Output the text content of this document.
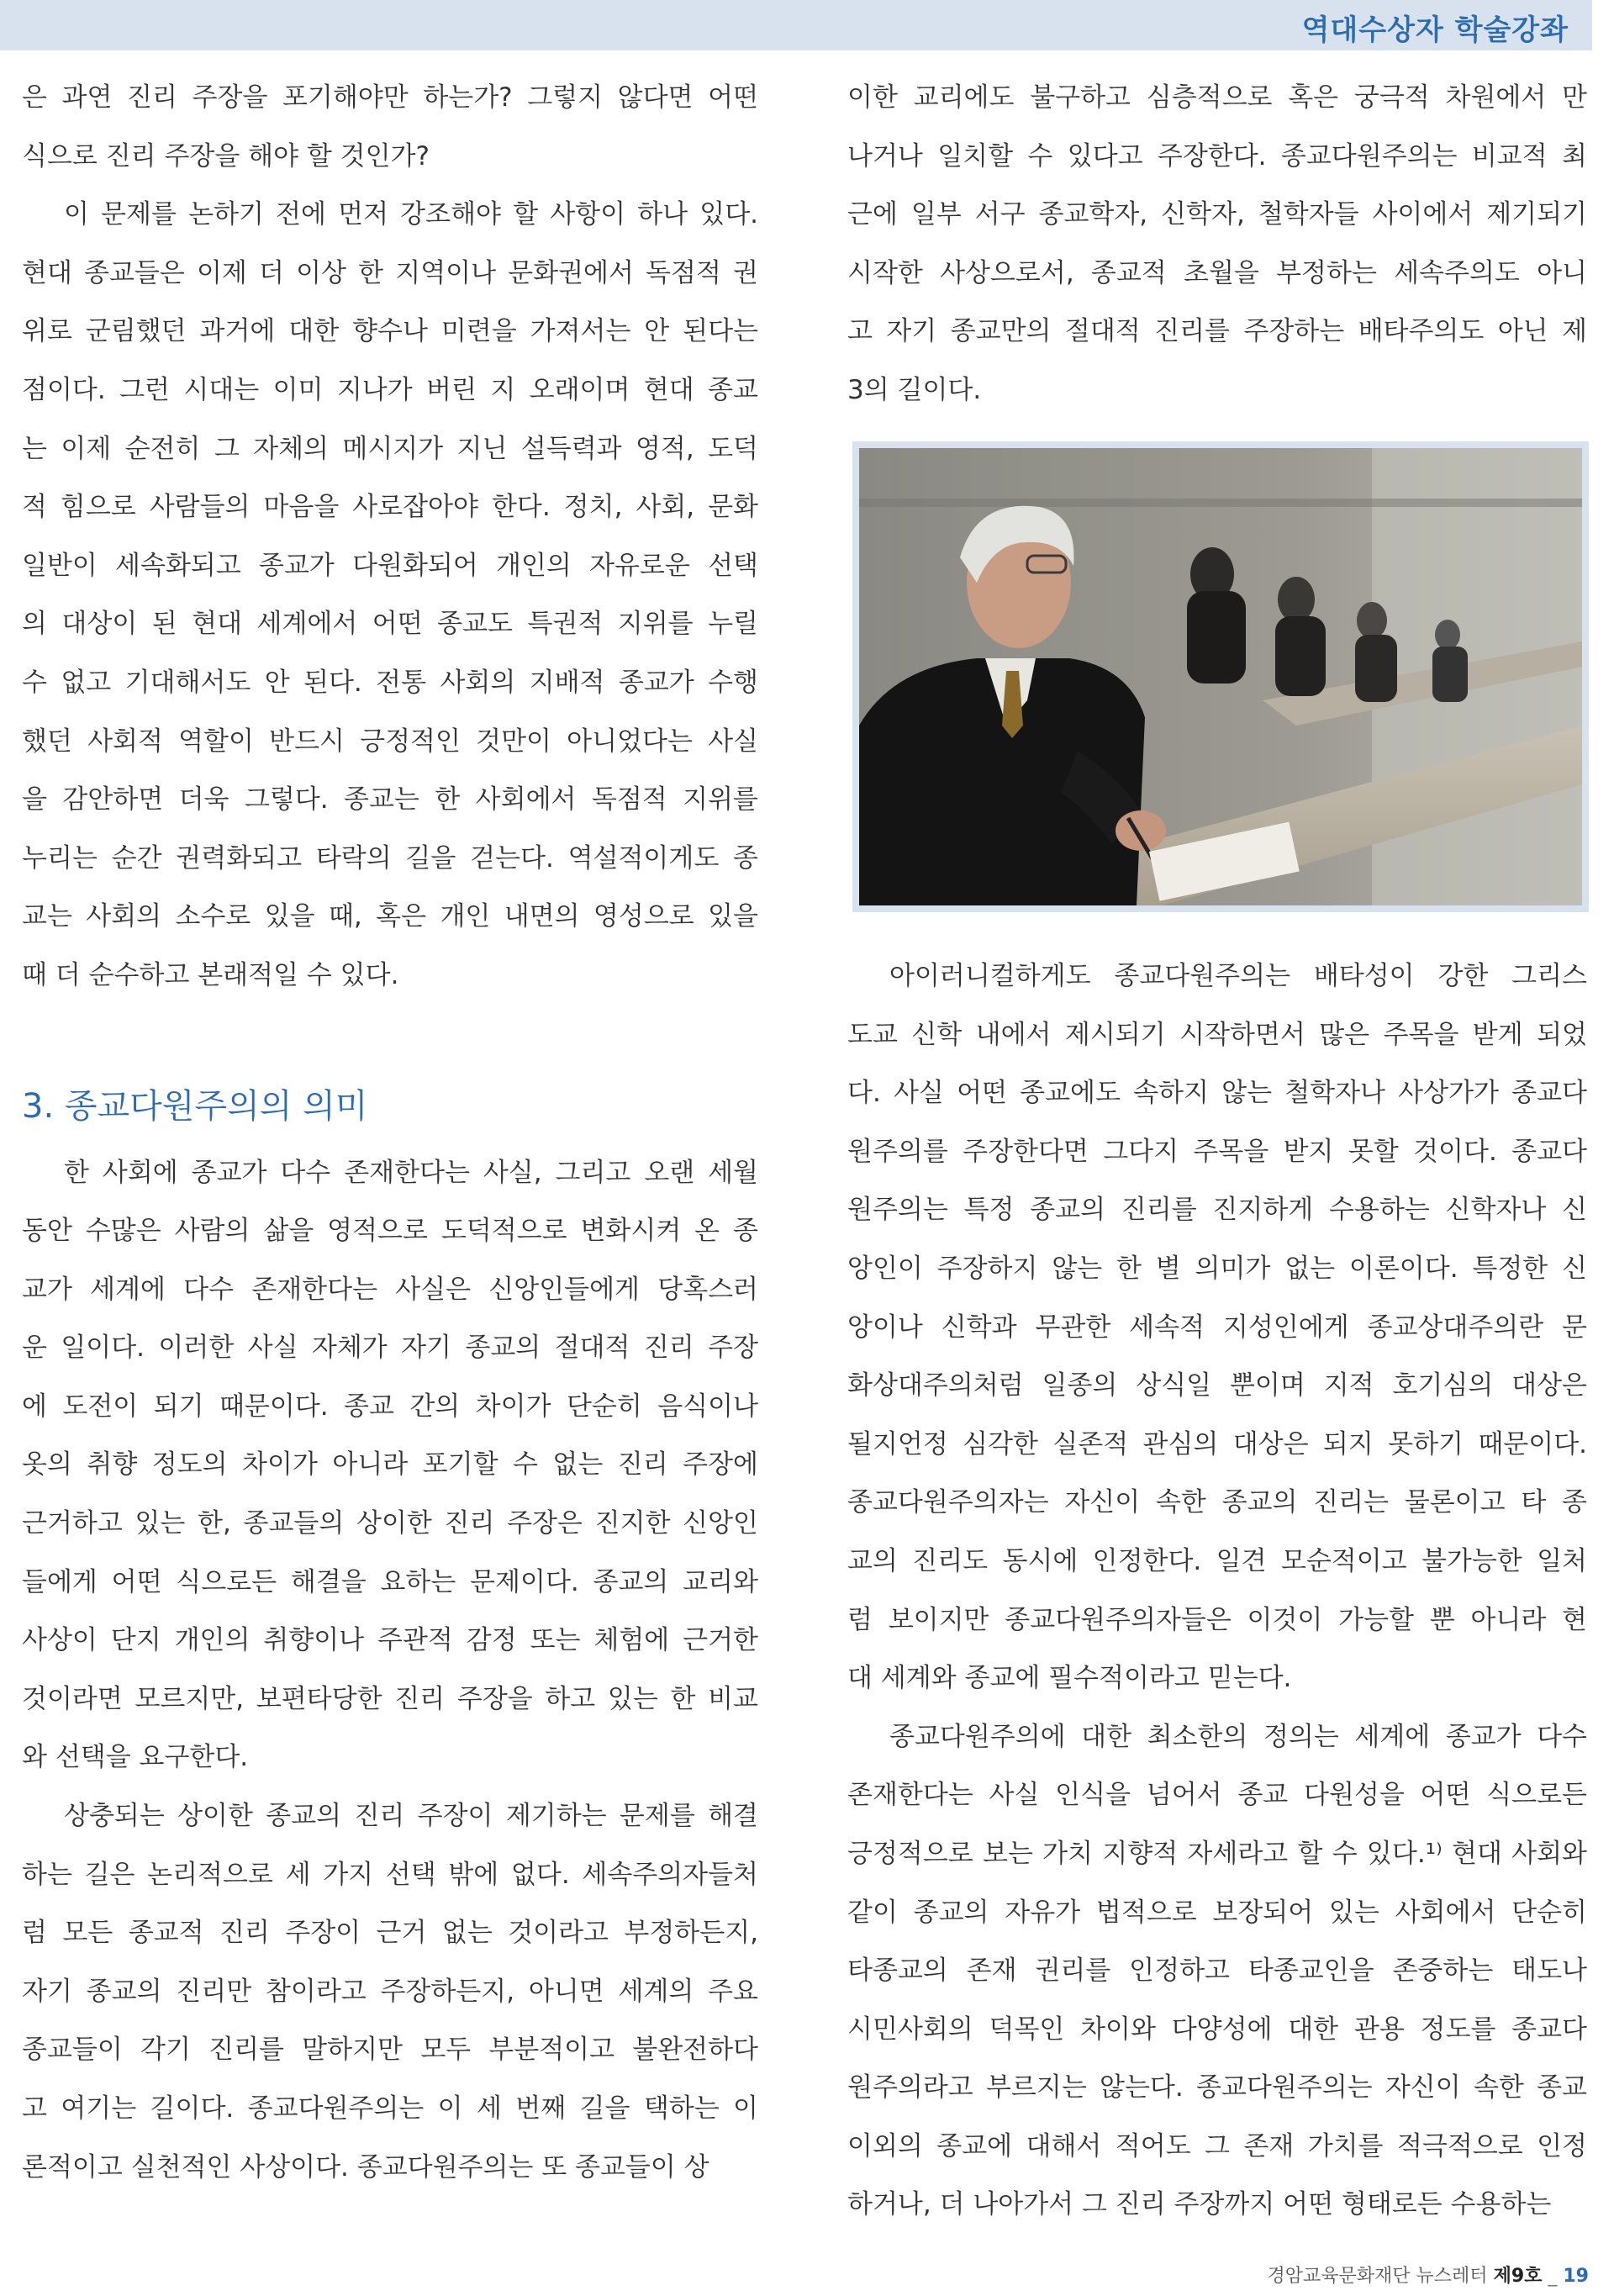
역대수상자 학술강좌

은 과연 진리 주장을 포기해야만 하는가? 그렇지 않다면 어떤
식으로 진리 주장을 해야 할 것인가?

이 문제를 논하기 전에 먼저 강조해야 할 사항이 하나 있다.
현대 종교들은 이제 더 이상 한 지역이나 문화권에서 독점적 권
위로 군림했던 과거에 대한 향수나 미련을 가져서는 안 된다는
점이다. 그런 시대는 이미 지나가 버린 지 오래이며 현대 종교
는 이제 순전히 그 자체의 메시지가 지닌 설득력과 영적, 도덕
적 힘으로 사람들의 마음을 사로잡아야 한다. 정치, 사회, 문화
일반이 세속화되고 종교가 다원화되어 개인의 자유로운 선택
의 대상이 된 현대 세계에서 어떤 종교도 특권적 지위를 누릴
수 없고 기대해서도 안 된다. 전통 사회의 지배적 종교가 수행
했던 사회적 역할이 반드시 긍정적인 것만이 아니었다는 사실
을 감안하면 더욱 그렇다. 종교는 한 사회에서 독점적 지위를
누리는 순간 권력화되고 타락의 길을 걷는다. 역설적이게도 종
교는 사회의 소수로 있을 때, 혹은 개인 내면의 영성으로 있을
때 더 순수하고 본래적일 수 있다.

3. 종교다원주의의 의미

한 사회에 종교가 다수 존재한다는 사실, 그리고 오랜 세월
동안 수많은 사람의 삶을 영적으로 도덕적으로 변화시켜 온 종
교가 세계에 다수 존재한다는 사실은 신앙인들에게 당혹스러
운 일이다. 이러한 사실 자체가 자기 종교의 절대적 진리 주장
에 도전이 되기 때문이다. 종교 간의 차이가 단순히 음식이나
옷의 취향 정도의 차이가 아니라 포기할 수 없는 진리 주장에
근거하고 있는 한, 종교들의 상이한 진리 주장은 진지한 신앙인
들에게 어떤 식으로든 해결을 요하는 문제이다. 종교의 교리와
사상이 단지 개인의 취향이나 주관적 감정 또는 체험에 근거한
것이라면 모르지만, 보편타당한 진리 주장을 하고 있는 한 비교
와 선택을 요구한다.

상충되는 상이한 종교의 진리 주장이 제기하는 문제를 해결
하는 길은 논리적으로 세 가지 선택 밖에 없다. 세속주의자들처
럼 모든 종교적 진리 주장이 근거 없는 것이라고 부정하든지,
자기 종교의 진리만 참이라고 주장하든지, 아니면 세계의 주요
종교들이 각기 진리를 말하지만 모두 부분적이고 불완전하다
고 여기는 길이다. 종교다원주의는 이 세 번째 길을 택하는 이
론적이고 실천적인 사상이다. 종교다원주의는 또 종교들이 상

이한 교리에도 불구하고 심층적으로 혹은 궁극적 차원에서 만
나거나 일치할 수 있다고 주장한다. 종교다원주의는 비교적 최
근에 일부 서구 종교학자, 신학자, 철학자들 사이에서 제기되기
시작한 사상으로서, 종교적 초월을 부정하는 세속주의도 아니
고 자기 종교만의 절대적 진리를 주장하는 배타주의도 아닌 제
3의 길이다.

아이러니컬하게도 종교다원주의는 배타성이 강한 그리스
도교 신학 내에서 제시되기 시작하면서 많은 주목을 받게 되었
다. 사실 어떤 종교에도 속하지 않는 철학자나 사상가가 종교다
원주의를 주장한다면 그다지 주목을 받지 못할 것이다. 종교다
원주의는 특정 종교의 진리를 진지하게 수용하는 신학자나 신
앙인이 주장하지 않는 한 별 의미가 없는 이론이다. 특정한 신
앙이나 신학과 무관한 세속적 지성인에게 종교상대주의란 문
화상대주의처럼 일종의 상식일 뿐이며 지적 호기심의 대상은
될지언정 심각한 실존적 관심의 대상은 되지 못하기 때문이다.
종교다원주의자는 자신이 속한 종교의 진리는 물론이고 타 종
교의 진리도 동시에 인정한다. 일견 모순적이고 불가능한 일처
럼 보이지만 종교다원주의자들은 이것이 가능할 뿐 아니라 현
대 세계와 종교에 필수적이라고 믿는다.

종교다원주의에 대한 최소한의 정의는 세계에 종교가 다수
존재한다는 사실 인식을 넘어서 종교 다원성을 어떤 식으로든
긍정적으로 보는 가치 지향적 자세라고 할 수 있다.¹⁾ 현대 사회와
같이 종교의 자유가 법적으로 보장되어 있는 사회에서 단순히
타종교의 존재 권리를 인정하고 타종교인을 존중하는 태도나
시민사회의 덕목인 차이와 다양성에 대한 관용 정도를 종교다
원주의라고 부르지는 않는다. 종교다원주의는 자신이 속한 종교
이외의 종교에 대해서 적어도 그 존재 가치를 적극적으로 인정
하거나, 더 나아가서 그 진리 주장까지 어떤 형태로든 수용하는

경암교육문화재단 뉴스레터 제9호 _ 19
